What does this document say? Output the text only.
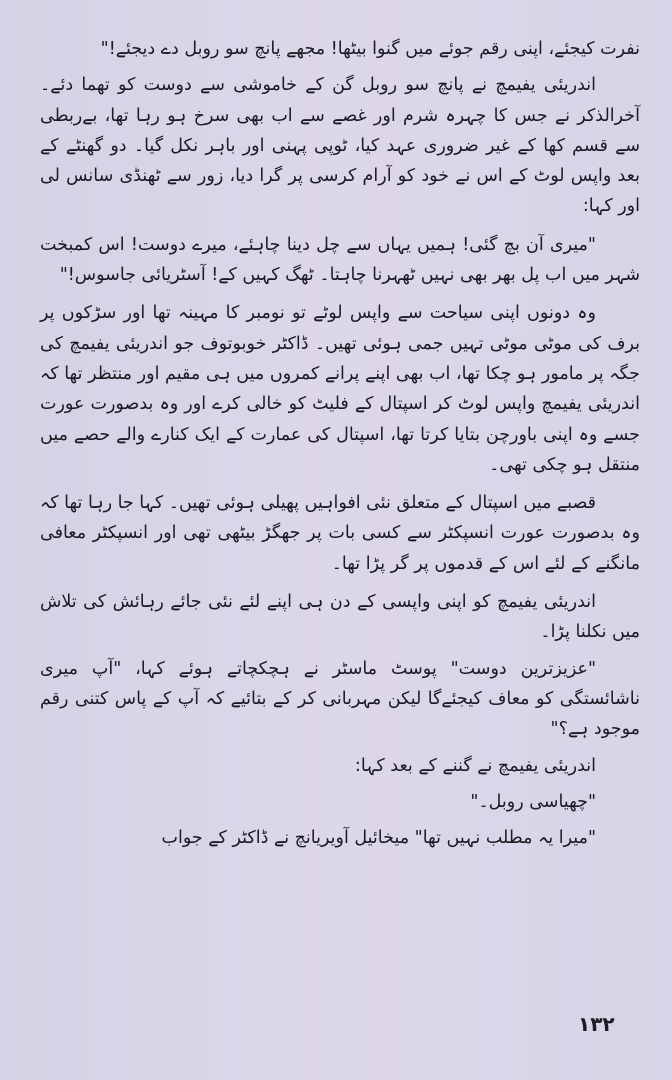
نفرت کیجئے، اپنی رقم جوئے میں گنوا بیٹھا! مجھے پانچ سو روبل دے دیجئے!"

اندریئی یفیمچ نے پانچ سو روبل گن کے خاموشی سے دوست کو تھما دئے۔ آخرالذکر نے جس کا چہرہ شرم اور غصے سے اب بھی سرخ ہو رہا تھا، بےربطی سے قسم کھا کے غیر ضروری عہد کیا، ٹوپی پہنی اور باہر نکل گیا۔ دو گھنٹے کے بعد واپس لوٹ کے اس نے خود کو آرام کرسی پر گرا دیا، زور سے ٹھنڈی سانس لی اور کہا:

"میری آن بچ گئی! ہمیں یہاں سے چل دینا چاہئے، میرے دوست! اس کمبخت شہر میں اب پل بھر بھی نہیں ٹھہرنا چاہتا۔ ٹھگ کہیں کے! آسٹریائی جاسوس!"

وہ دونوں اپنی سیاحت سے واپس لوٹے تو نومبر کا مہینہ تھا اور سڑکوں پر برف کی موٹی موٹی تہیں جمی ہوئی تھیں۔ ڈاکٹر خوبوتوف جو اندریئی یفیمچ کی جگہ پر مامور ہو چکا تھا، اب بھی اپنے پرانے کمروں میں ہی مقیم اور منتظر تھا کہ اندریئی یفیمچ واپس لوٹ کر اسپتال کے فلیٹ کو خالی کرے اور وہ بدصورت عورت جسے وہ اپنی باورچن بتایا کرتا تھا، اسپتال کی عمارت کے ایک کنارے والے حصے میں منتقل ہو چکی تھی۔

قصبے میں اسپتال کے متعلق نئی افواہیں پھیلی ہوئی تھیں۔ کہا جا رہا تھا کہ وہ بدصورت عورت انسپکٹر سے کسی بات پر جھگڑ بیٹھی تھی اور انسپکٹر معافی مانگنے کے لئے اس کے قدموں پر گر پڑا تھا۔

اندریئی یفیمچ کو اپنی واپسی کے دن ہی اپنے لئے نئی جائے رہائش کی تلاش میں نکلنا پڑا۔

"عزیزترین دوست" پوسٹ ماسٹر نے ہچکچاتے ہوئے کہا، "آپ میری ناشائستگی کو معاف کیجئےگا لیکن مہربانی کر کے بتائیے کہ آپ کے پاس کتنی رقم موجود ہے؟"

اندریئی یفیمچ نے گننے کے بعد کہا:

"چھیاسی روبل۔"

"میرا یہ مطلب نہیں تھا" میخائیل آویریانچ نے ڈاکٹر کے جواب

۱۳۲
